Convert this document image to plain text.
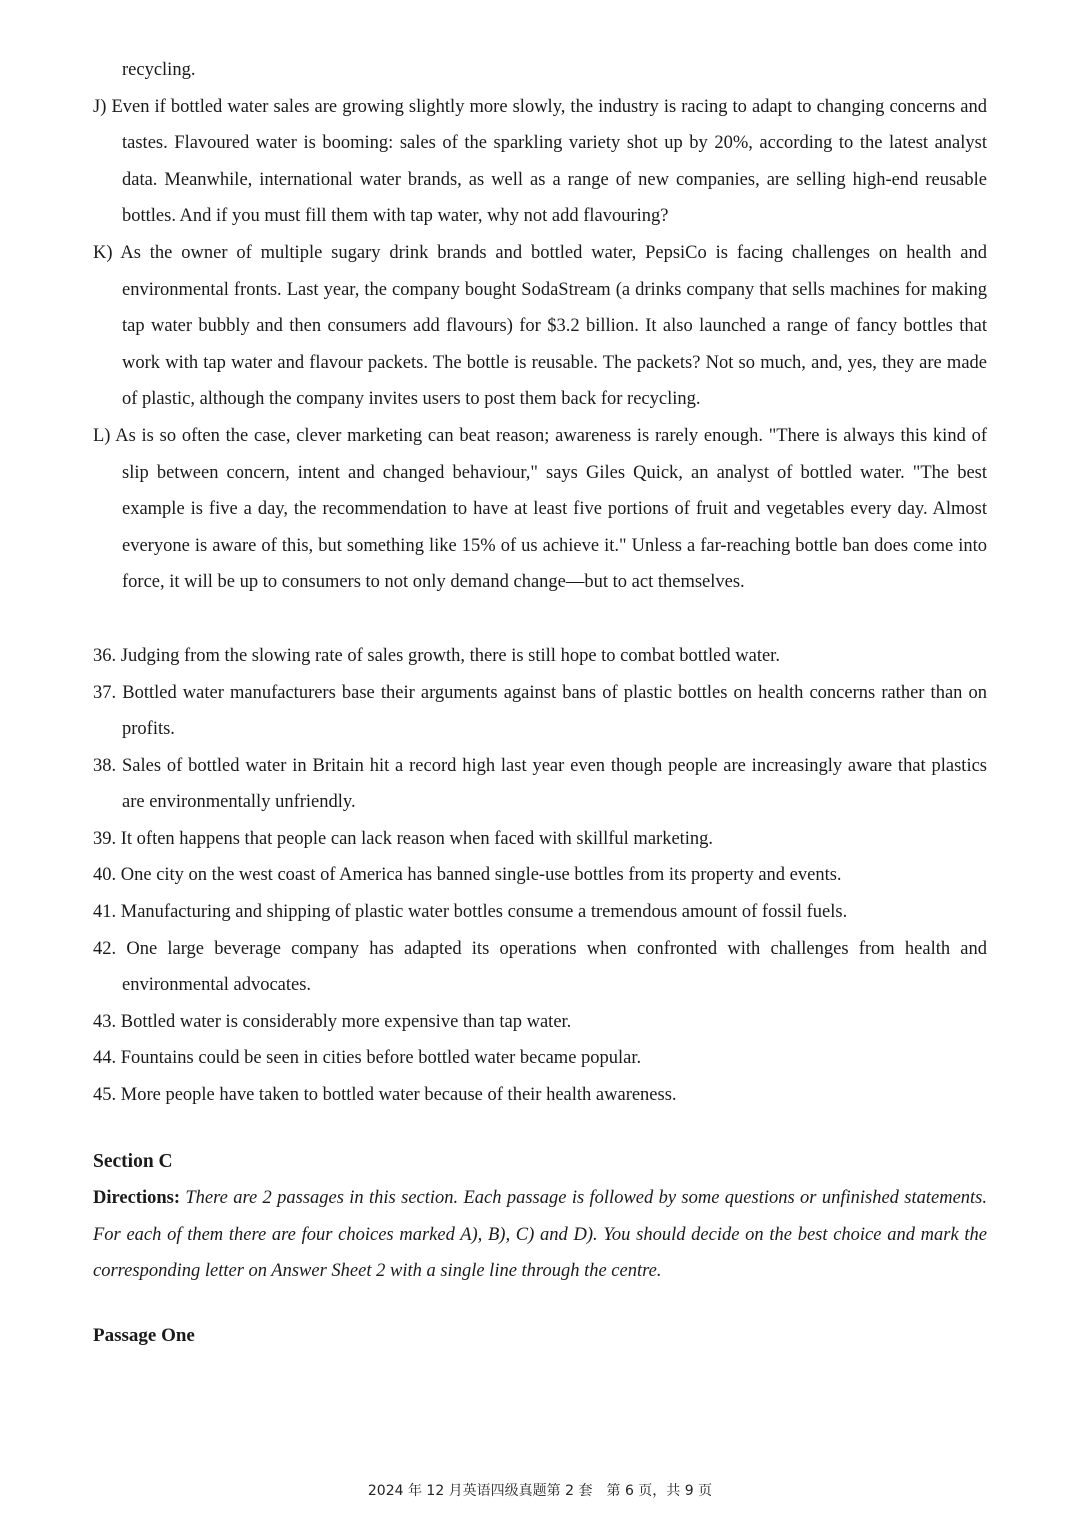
recycling.

J) Even if bottled water sales are growing slightly more slowly, the industry is racing to adapt to changing concerns and tastes. Flavoured water is booming: sales of the sparkling variety shot up by 20%, according to the latest analyst data. Meanwhile, international water brands, as well as a range of new companies, are selling high-end reusable bottles. And if you must fill them with tap water, why not add flavouring?

K) As the owner of multiple sugary drink brands and bottled water, PepsiCo is facing challenges on health and environmental fronts. Last year, the company bought SodaStream (a drinks company that sells machines for making tap water bubbly and then consumers add flavours) for $3.2 billion. It also launched a range of fancy bottles that work with tap water and flavour packets. The bottle is reusable. The packets? Not so much, and, yes, they are made of plastic, although the company invites users to post them back for recycling.

L) As is so often the case, clever marketing can beat reason; awareness is rarely enough. "There is always this kind of slip between concern, intent and changed behaviour," says Giles Quick, an analyst of bottled water. "The best example is five a day, the recommendation to have at least five portions of fruit and vegetables every day. Almost everyone is aware of this, but something like 15% of us achieve it." Unless a far-reaching bottle ban does come into force, it will be up to consumers to not only demand change—but to act themselves.

36. Judging from the slowing rate of sales growth, there is still hope to combat bottled water.

37. Bottled water manufacturers base their arguments against bans of plastic bottles on health concerns rather than on profits.

38. Sales of bottled water in Britain hit a record high last year even though people are increasingly aware that plastics are environmentally unfriendly.

39. It often happens that people can lack reason when faced with skillful marketing.

40. One city on the west coast of America has banned single-use bottles from its property and events.

41. Manufacturing and shipping of plastic water bottles consume a tremendous amount of fossil fuels.

42. One large beverage company has adapted its operations when confronted with challenges from health and environmental advocates.

43. Bottled water is considerably more expensive than tap water.

44. Fountains could be seen in cities before bottled water became popular.

45. More people have taken to bottled water because of their health awareness.

Section C

Directions: There are 2 passages in this section. Each passage is followed by some questions or unfinished statements. For each of them there are four choices marked A), B), C) and D). You should decide on the best choice and mark the corresponding letter on Answer Sheet 2 with a single line through the centre.

Passage One

2024 年 12 月英语四级真题第 2 套　第 6 页，共 9 页
